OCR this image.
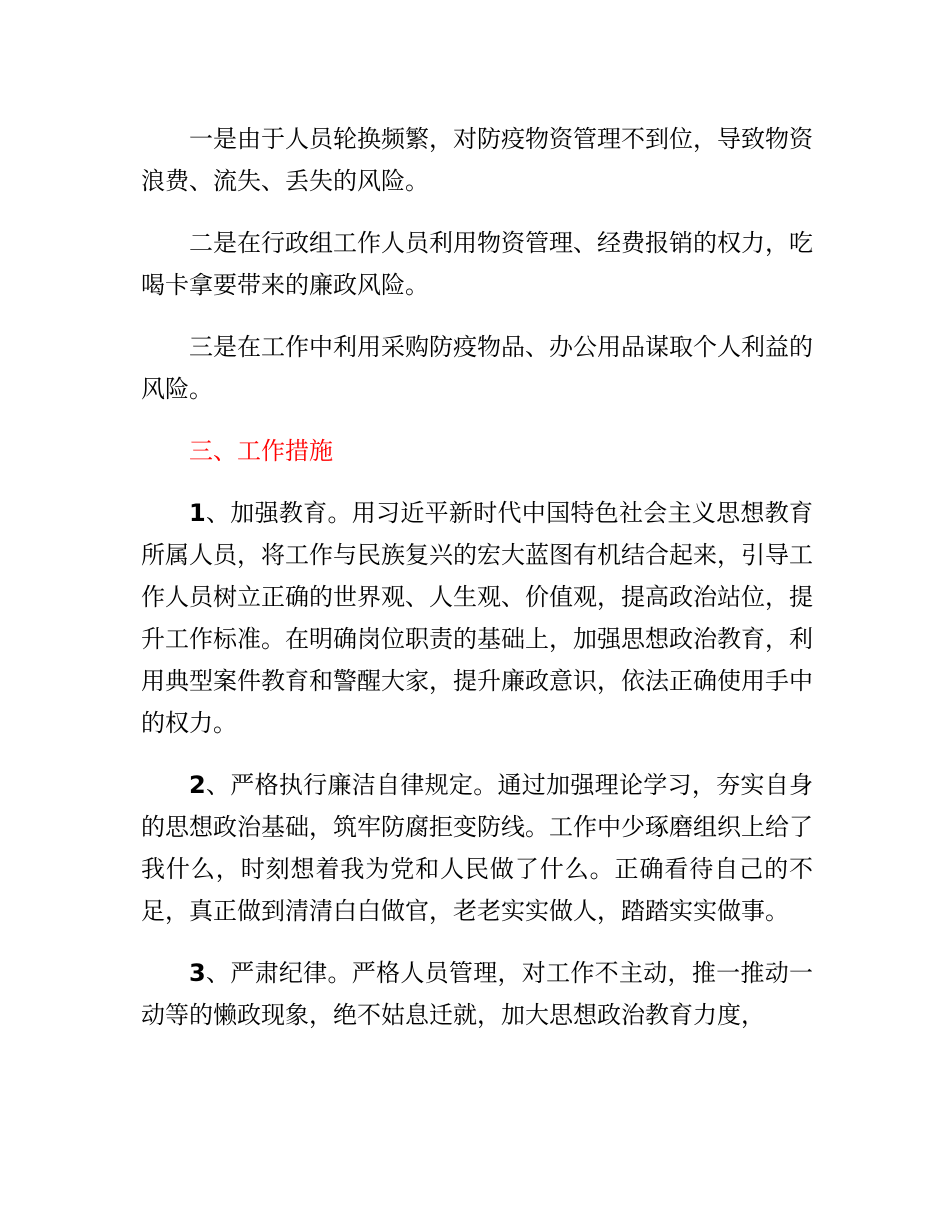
一是由于人员轮换频繁，对防疫物资管理不到位，导致物资浪费、流失、丢失的风险。

二是在行政组工作人员利用物资管理、经费报销的权力，吃喝卡拿要带来的廉政风险。

三是在工作中利用采购防疫物品、办公用品谋取个人利益的风险。

三、工作措施

1、加强教育。用习近平新时代中国特色社会主义思想教育所属人员，将工作与民族复兴的宏大蓝图有机结合起来，引导工作人员树立正确的世界观、人生观、价值观，提高政治站位，提升工作标准。在明确岗位职责的基础上，加强思想政治教育，利用典型案件教育和警醒大家，提升廉政意识，依法正确使用手中的权力。

2、严格执行廉洁自律规定。通过加强理论学习，夯实自身的思想政治基础，筑牢防腐拒变防线。工作中少琢磨组织上给了我什么，时刻想着我为党和人民做了什么。正确看待自己的不足，真正做到清清白白做官，老老实实做人，踏踏实实做事。

3、严肃纪律。严格人员管理，对工作不主动，推一推动一动等的懒政现象，绝不姑息迁就，加大思想政治教育力度，
